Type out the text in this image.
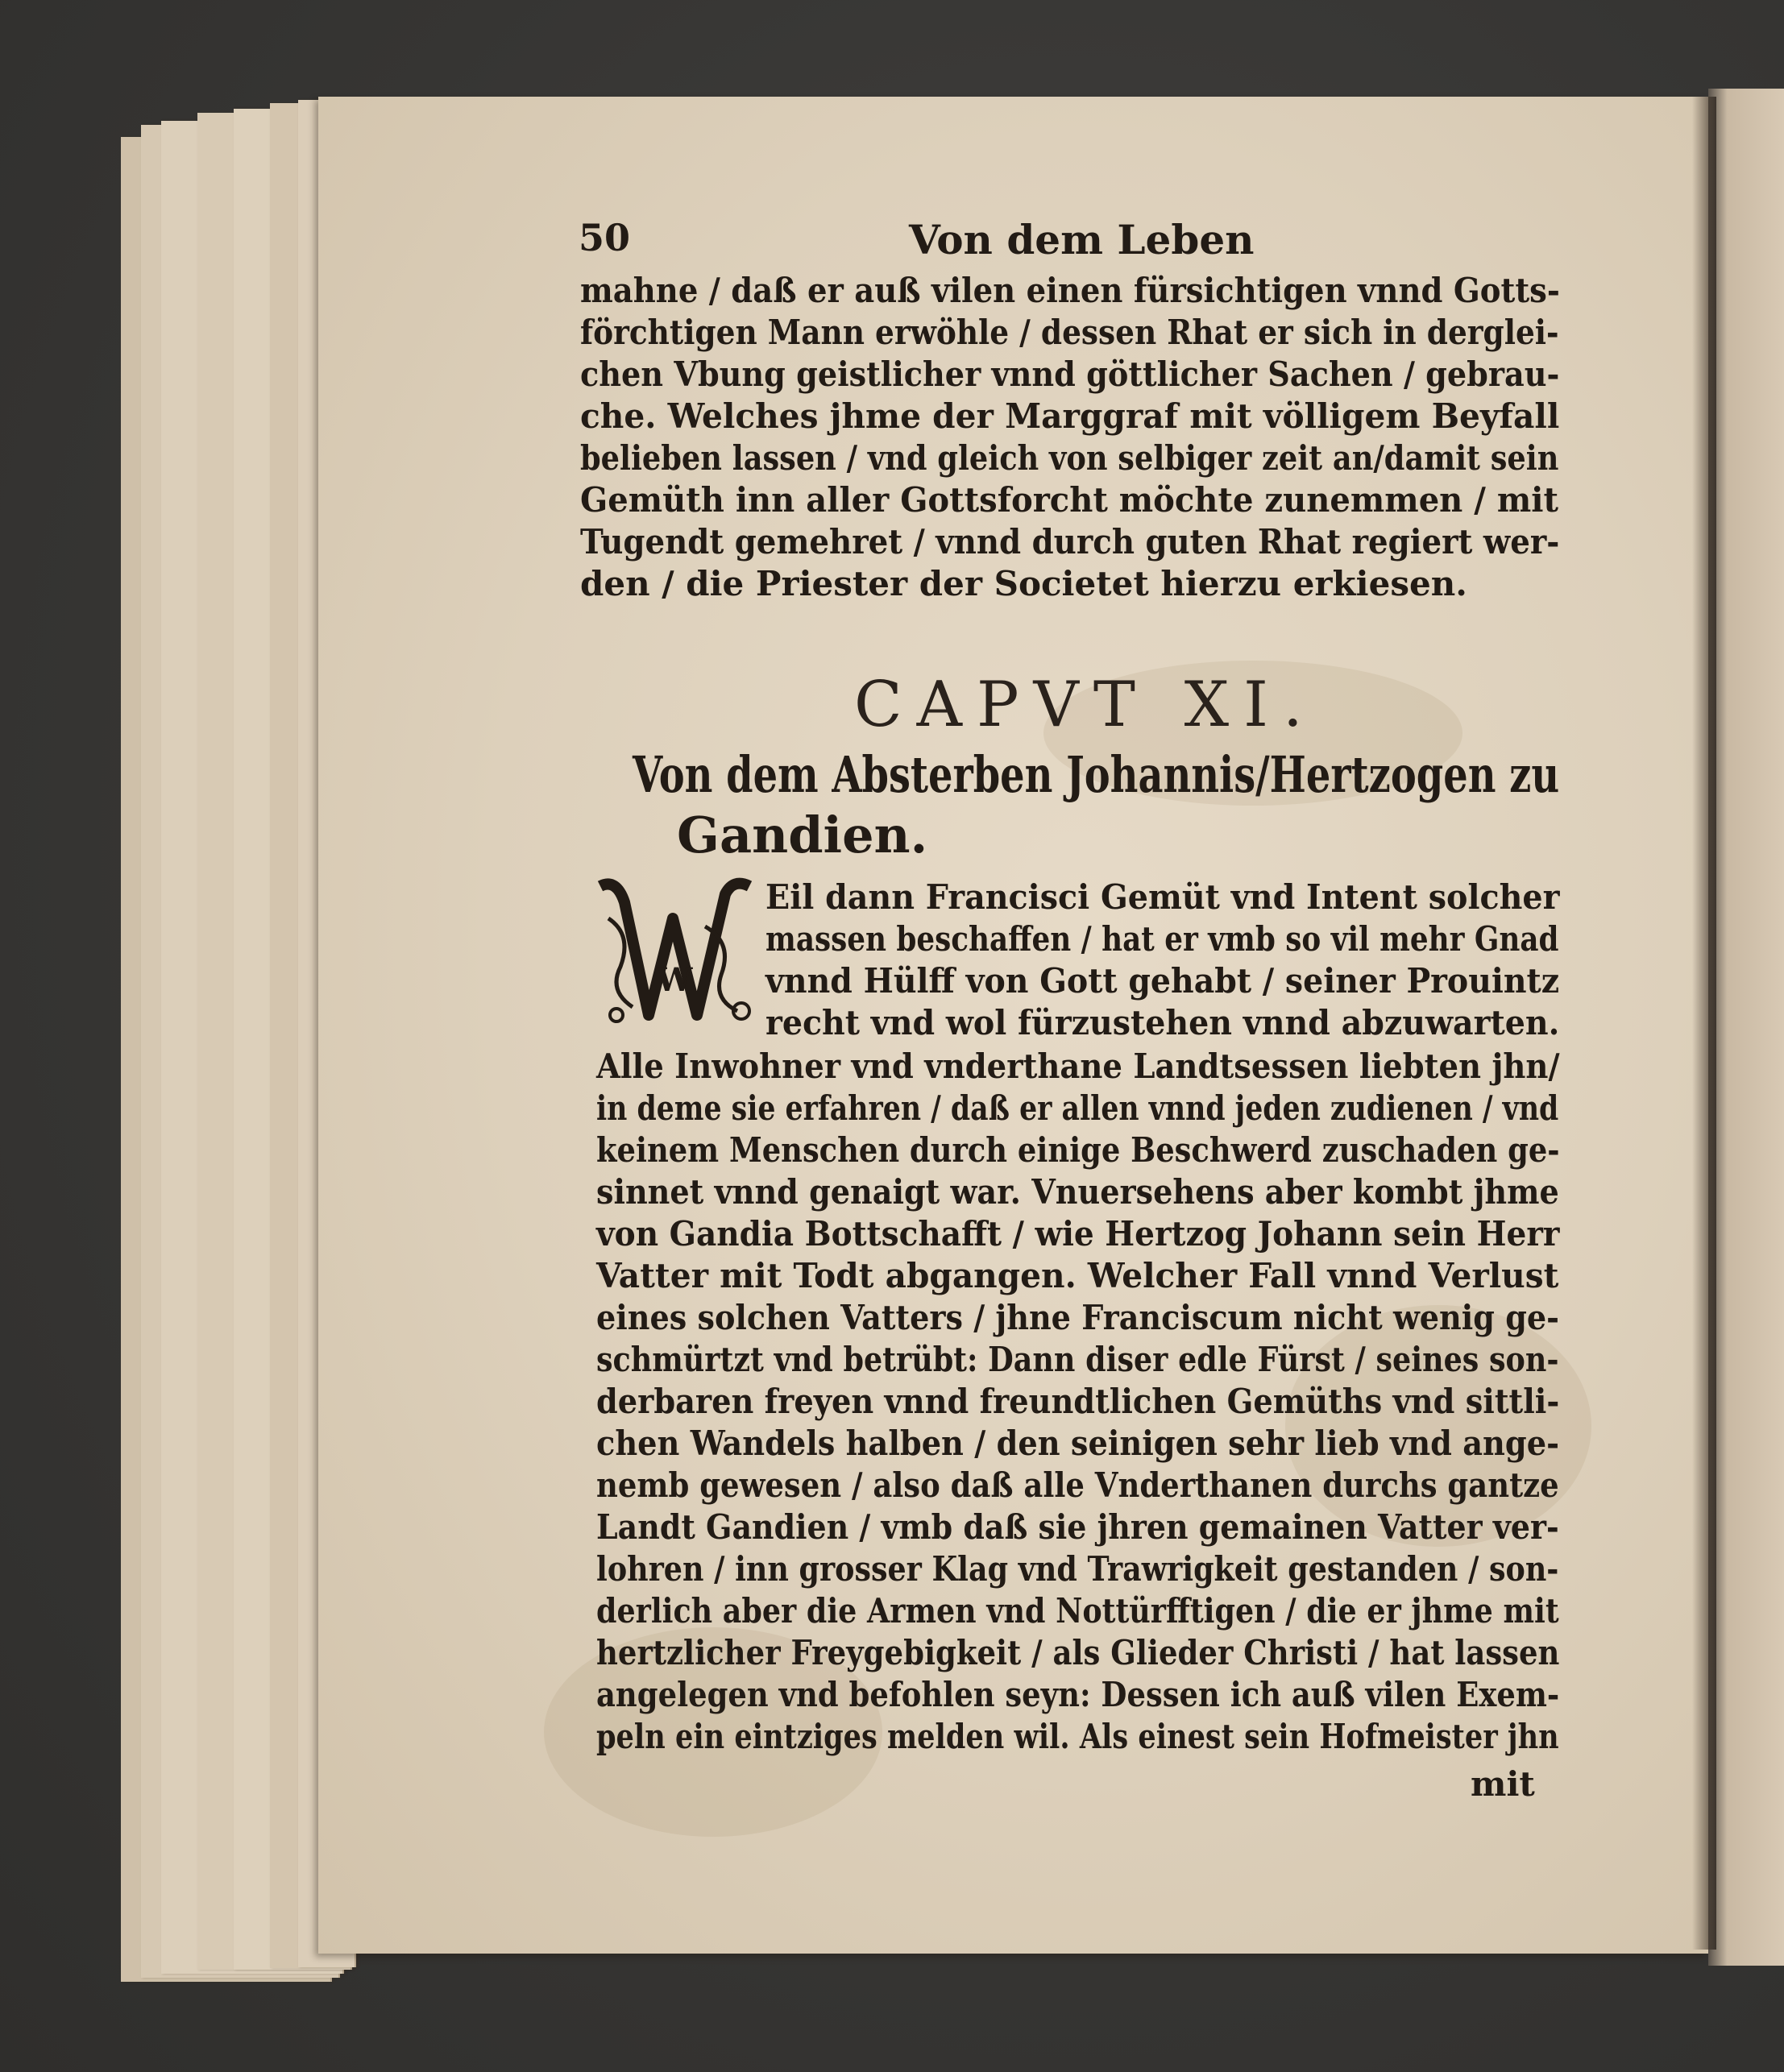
50	Von dem Leben
mahne / daß er auß vilen einen fürsichtigen vnnd Gotts-
förchtigen Mann erwöhle / dessen Rhat er sich in derglei-
chen Vbung geistlicher vnnd göttlicher Sachen / gebrau-
che. Welches jhme der Marggraf mit völligem Beyfall
belieben lassen / vnd gleich von selbiger zeit an/damit sein
Gemüth inn aller Gottsforcht möchte zunemmen / mit
Tugendt gemehret / vnnd durch guten Rhat regiert wer-
den / die Priester der Societet hierzu erkiesen.
CAPVT XI.
Von dem Absterben Johannis/Hertzogen zu
Gandien.
W
Eil dann Francisci Gemüt vnd Intent solcher
massen beschaffen / hat er vmb so vil mehr Gnad
vnnd Hülff von Gott gehabt / seiner Prouintz
recht vnd wol fürzustehen vnnd abzuwarten.
Alle Inwohner vnd vnderthane Landtsessen liebten jhn/
in deme sie erfahren / daß er allen vnnd jeden zudienen / vnd
keinem Menschen durch einige Beschwerd zuschaden ge-
sinnet vnnd genaigt war. Vnuersehens aber kombt jhme
von Gandia Bottschafft / wie Hertzog Johann sein Herr
Vatter mit Todt abgangen. Welcher Fall vnnd Verlust
eines solchen Vatters / jhne Franciscum nicht wenig ge-
schmürtzt vnd betrübt: Dann diser edle Fürst / seines son-
derbaren freyen vnnd freundtlichen Gemüths vnd sittli-
chen Wandels halben / den seinigen sehr lieb vnd ange-
nemb gewesen / also daß alle Vnderthanen durchs gantze
Landt Gandien / vmb daß sie jhren gemainen Vatter ver-
lohren / inn grosser Klag vnd Trawrigkeit gestanden / son-
derlich aber die Armen vnd Nottürfftigen / die er jhme mit
hertzlicher Freygebigkeit / als Glieder Christi / hat lassen
angelegen vnd befohlen seyn: Dessen ich auß vilen Exem-
peln ein eintziges melden wil. Als einest sein Hofmeister jhn
mit
